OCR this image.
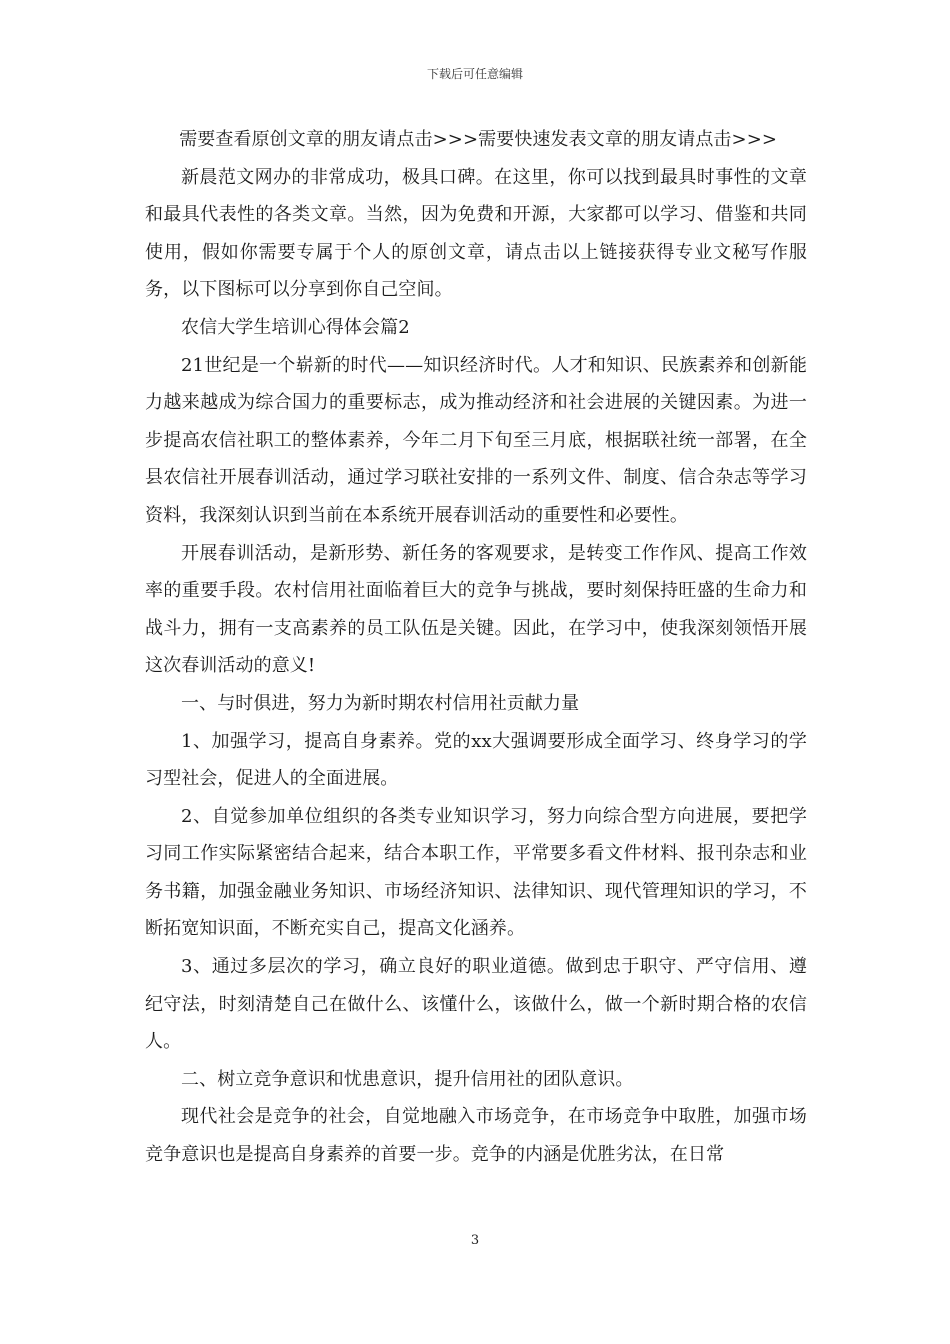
下载后可任意编辑

需要查看原创文章的朋友请点击>>>需要快速发表文章的朋友请点击>>>

新晨范文网办的非常成功，极具口碑。在这里，你可以找到最具时事性的文章和最具代表性的各类文章。当然，因为免费和开源，大家都可以学习、借鉴和共同使用，假如你需要专属于个人的原创文章，请点击以上链接获得专业文秘写作服务，以下图标可以分享到你自己空间。

农信大学生培训心得体会篇2

21世纪是一个崭新的时代——知识经济时代。人才和知识、民族素养和创新能力越来越成为综合国力的重要标志，成为推动经济和社会进展的关键因素。为进一步提高农信社职工的整体素养，今年二月下旬至三月底，根据联社统一部署，在全县农信社开展春训活动，通过学习联社安排的一系列文件、制度、信合杂志等学习资料，我深刻认识到当前在本系统开展春训活动的重要性和必要性。

开展春训活动，是新形势、新任务的客观要求，是转变工作作风、提高工作效率的重要手段。农村信用社面临着巨大的竞争与挑战，要时刻保持旺盛的生命力和战斗力，拥有一支高素养的员工队伍是关键。因此，在学习中，使我深刻领悟开展这次春训活动的意义!

一、与时俱进，努力为新时期农村信用社贡献力量

1、加强学习，提高自身素养。党的xx大强调要形成全面学习、终身学习的学习型社会，促进人的全面进展。

2、自觉参加单位组织的各类专业知识学习，努力向综合型方向进展，要把学习同工作实际紧密结合起来，结合本职工作，平常要多看文件材料、报刊杂志和业务书籍，加强金融业务知识、市场经济知识、法律知识、现代管理知识的学习，不断拓宽知识面，不断充实自己，提高文化涵养。

3、通过多层次的学习，确立良好的职业道德。做到忠于职守、严守信用、遵纪守法，时刻清楚自己在做什么、该懂什么，该做什么，做一个新时期合格的农信人。

二、树立竞争意识和忧患意识，提升信用社的团队意识。

现代社会是竞争的社会，自觉地融入市场竞争，在市场竞争中取胜，加强市场竞争意识也是提高自身素养的首要一步。竞争的内涵是优胜劣汰，在日常

3
